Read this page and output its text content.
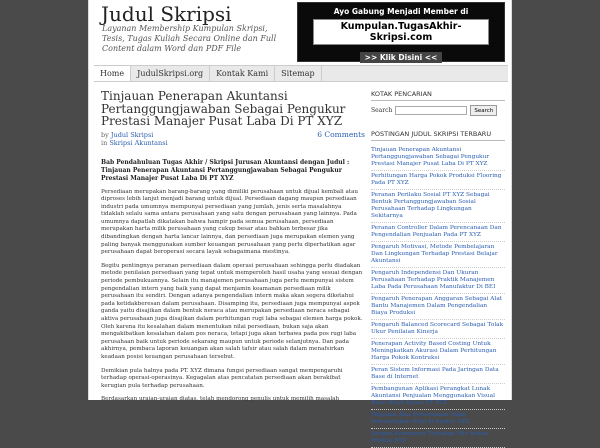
Judul Skripsi
Layanan Membership Kumpulan Skripsi, Tesis, Tugas Kuliah Secara Online dan Full Content dalam Word dan PDF File
Ayo Gabung Menjadi Member di
Kumpulan.TugasAkhir-Skripsi.com
>> Klik Disini <<
Home	JudulSkripsi.org	Kontak Kami	Sitemap
Tinjauan Penerapan Akuntansi Pertanggungjawaban Sebagai Pengukur Prestasi Manajer Pusat Laba Di PT XYZ
by Judul Skripsi
in Skripsi Akuntansi
6 Comments

Bab Pendahuluan Tugas Akhir / Skripsi Jurusan Akuntansi dengan Judul : Tinjauan Penerapan Akuntansi Pertanggungjawaban Sebagai Pengukur Prestasi Manajer Pusat Laba Di PT XYZ

Persediaan merupakan barang-barang yang dimiliki perusahaan untuk dijual kembali atau diproses lebih lanjut menjadi barang untuk dijual. Persediaan dagang maupun persediaan industri pada umumnya mempunyai persediaan yang jumlah, jenis serta masalahnya tidaklah selalu sama antara perusahaan yang satu dengan perusahaan yang lainnya. Pada umumnya dapatlah dikatakan bahwa hampir pada semua perusahaan, persediaan merupakan harta milik perusahaan yang cukup besar atau bahkan terbesar jika dibandingkan dengan harta lancar lainnya, dan persediaan juga merupakan elemen yang paling banyak menggunakan sumber keuangan perusahaan yang perlu diperhatikan agar perusahaan dapat beroperasi secara layak sebagaimana mestinya.

Begitu pentingnya peranan persediaan dalam operasi perusahaan sehingga perlu diadakan metode penilaian persediaan yang tepat untuk memperoleh hasil usaha yang sesuai dengan periode pembukuannya. Selain itu manajemen perusahaan juga perlu mempunyai sistem pengendalian intern yang baik yang dapat menjamin keamanan persediaan milik perusahaan itu sendiri. Dengan adanya pengendalian intern maka akan segera diketahui pada ketidakberesan dalam perusahaan. Disamping itu, persediaan juga mempunyai aspek ganda yaitu disajikan dalam bentuk neraca atau merupakan persediaan neraca sebagai aktiva perusahaan juga disajikan dalam perhitungan rugi laba sebagai elemen harga pokok. Oleh karena itu kesalahan dalam menentukan nilai persediaan, bukan saja akan mengakibatkan kesalahan dalam pos neraca, tetapi juga akan terbawa pada pos rugi laba perusahaan baik untuk periode sekarang maupun untuk periode selanjutnya. Dan pada akhirnya, pembaca laporan keuangan akan salah tafsir atau salah dalam menafsirkan keadaan posisi keuangan perusahaan tersebut.

Demikian pula halnya pada PT. XYZ dimana fungsi persediaan sangat mempengaruhi terhadap operasi-operasinya. Kegagalan atas pencatatan persediaan akan berakibat kerugian pula terhadap perusahaan.

Berdasarkan uraian-uraian diatas, telah mendorong penulis untuk memilih masalah

KOTAK PENCARIAN
Search	Search
POSTINGAN JUDUL SKRIPSI TERBARU
Tinjauan Penerapan Akuntansi Pertanggungjawaban Sebagai Pengukur Prestasi Manajer Pusat Laba Di PT XYZ
Perhitungan Harga Pokok Produksi Flooring Pada PT XYZ
Peranan Perilaku Sosial PT XYZ Sebagai Bentuk Pertanggungjawaban Sosial Perusahaan Terhadap Lingkungan Sekitarnya
Peranan Controller Dalam Perencanaan Dan Pengendalian Penjualan Pada PT XYZ
Pengaruh Motivasi, Metode Pembelajaran Dan Lingkungan Terhadap Prestasi Belajar Akuntansi
Pengaruh Independensi Dan Ukuran Perusahaan Terhadap Praktik Manajemen Laba Pada Perusahaan Manufaktur Di BEI
Pengaruh Penerapan Anggaran Sebagai Alat Bantu Manajemen Dalam Pengendalian Biaya Produksi
Pengaruh Balanced Scorecard Sebagai Tolak Ukur Penilaian Kinerja
Penerapan Activity Based Costing Untuk Meningkatkan Akurasi Dalam Perhitungan Harga Pokok Kontruksi
Peran Sistem Informasi Pada Jaringan Data Base di Internet
Pembangunan Aplikasi Perangkat Lunak Akuntansi Penjualan Menggunakan Visual Basic Studi Kasus PT XYZ
Tinjauan Atas Penerimaan Pajak Pertambahan Nilai di Kantor XYZ
Respon Konsumen Terhadap Mie Instan Produk XYZ
